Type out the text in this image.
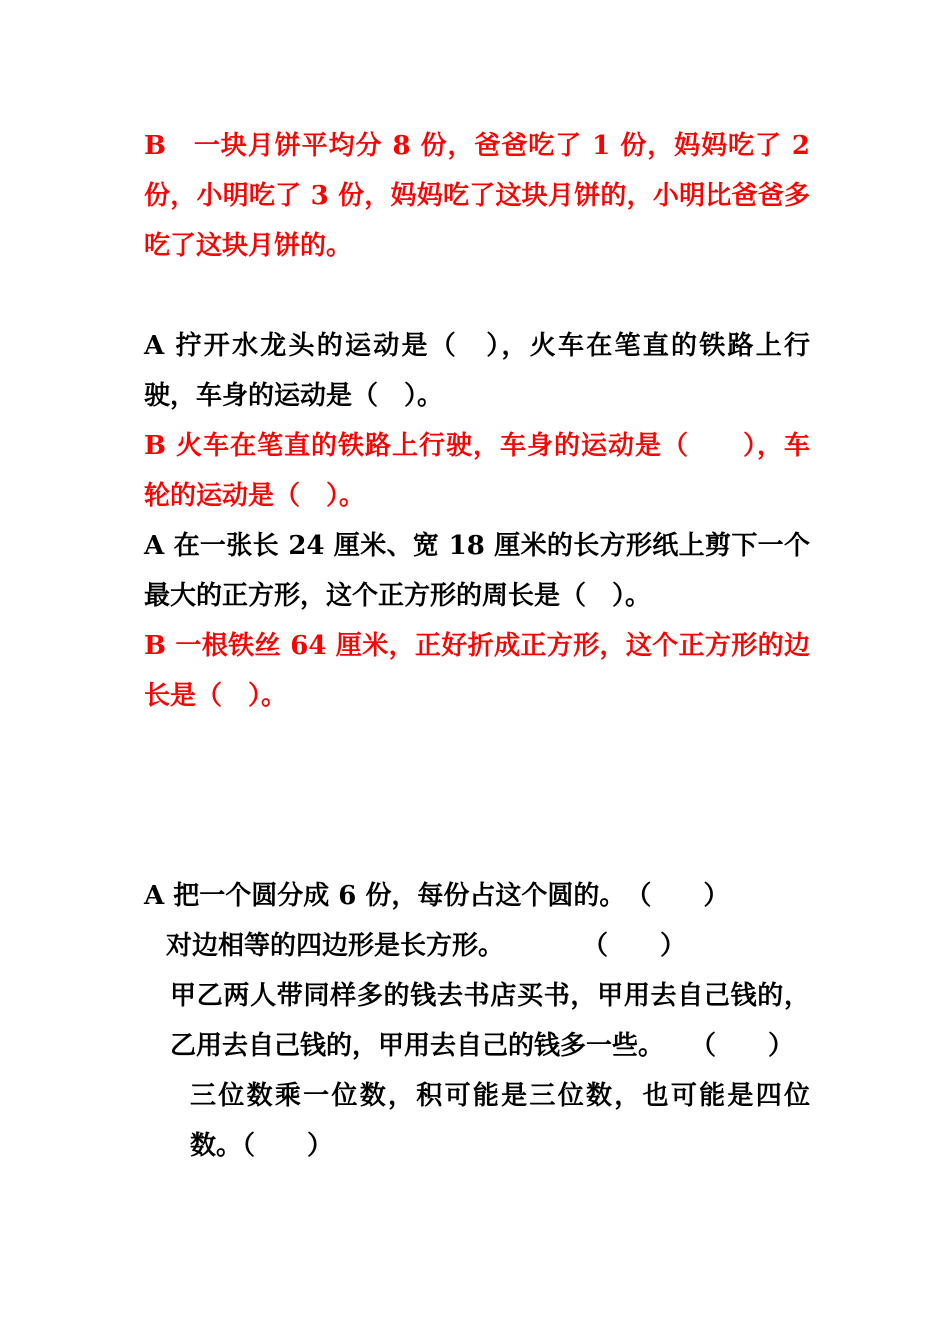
B　一块月饼平均分 8 份，爸爸吃了 1 份，妈妈吃了 2 份，小明吃了 3 份，妈妈吃了这块月饼的，小明比爸爸多吃了这块月饼的。

A 拧开水龙头的运动是（　），火车在笔直的铁路上行驶，车身的运动是（　）。

B 火车在笔直的铁路上行驶，车身的运动是（　　），车轮的运动是（　）。

A 在一张长 24 厘米、宽 18 厘米的长方形纸上剪下一个最大的正方形，这个正方形的周长是（　）。

B 一根铁丝 64 厘米，正好折成正方形，这个正方形的边长是（　）。

A 把一个圆分成 6 份，每份占这个圆的。　（　　）

对边相等的四边形是长方形。　　　　（　　）

甲乙两人带同样多的钱去书店买书，甲用去自己钱的，乙用去自己钱的，甲用去自己的钱多一些。　　（　　）

三位数乘一位数，积可能是三位数，也可能是四位数。（　　）
